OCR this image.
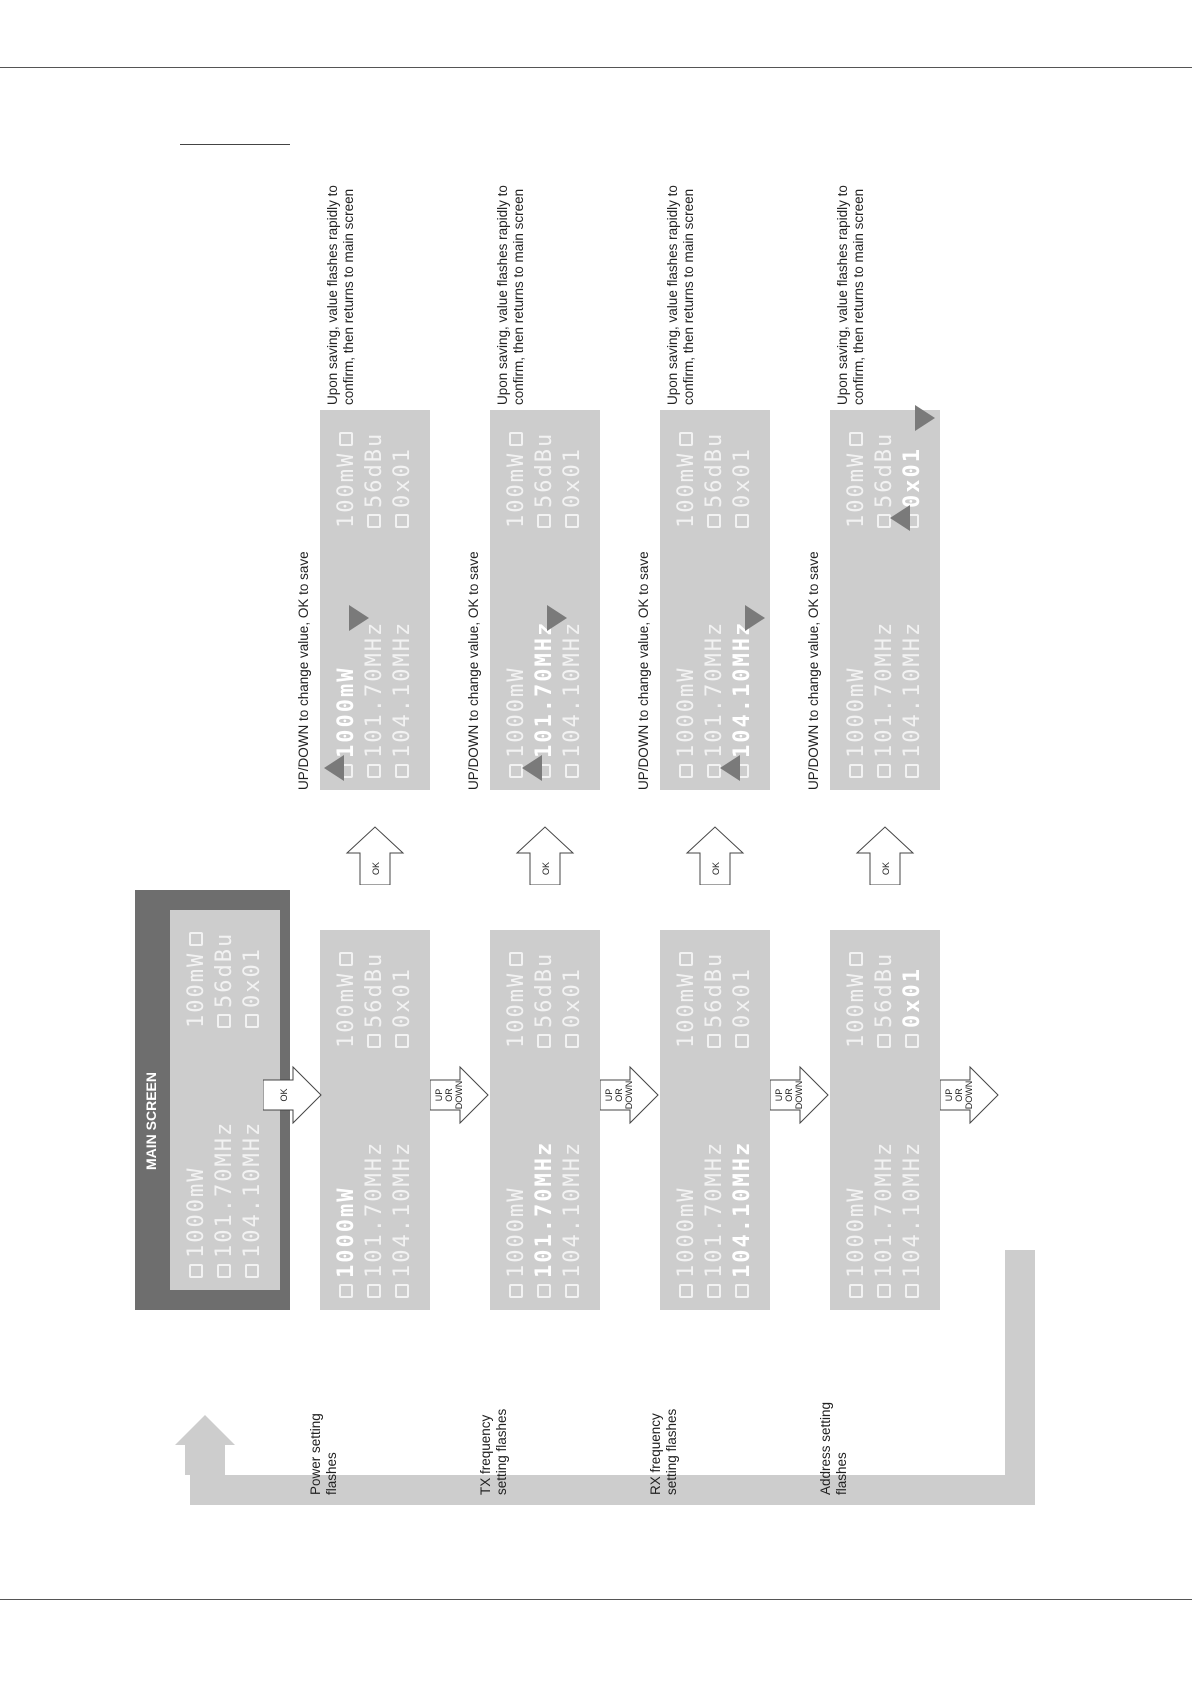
MAIN SCREEN
1000mW100mW
101.70MHz56dBu
104.10MHz0x01
Power setting flashes
1000mW100mW
101.70MHz56dBu
104.10MHz0x01
OK
UP/DOWN to change value, OK to save 1000mW100mW
101.70MHz56dBu
104.10MHz0x01
Upon saving, value flashes rapidly to confirm, then returns to main screen
UP OR DOWN
TX frequency setting flashes
1000mW100mW
101.70MHz56dBu
104.10MHz0x01
OK
UP/DOWN to change value, OK to save 1000mW100mW
101.70MHz56dBu
104.10MHz0x01
Upon saving, value flashes rapidly to confirm, then returns to main screen
UP OR DOWN
RX frequency setting flashes
1000mW100mW
101.70MHz56dBu
104.10MHz0x01
OK
UP/DOWN to change value, OK to save 1000mW100mW
101.70MHz56dBu
104.10MHz0x01
Upon saving, value flashes rapidly to confirm, then returns to main screen
UP OR DOWN
Address setting flashes
1000mW100mW
101.70MHz56dBu
104.10MHz0x01
OK
UP/DOWN to change value, OK to save 1000mW100mW
101.70MHz56dBu
104.10MHz0x01
Upon saving, value flashes rapidly to confirm, then returns to main screen
UP OR DOWN
OK
